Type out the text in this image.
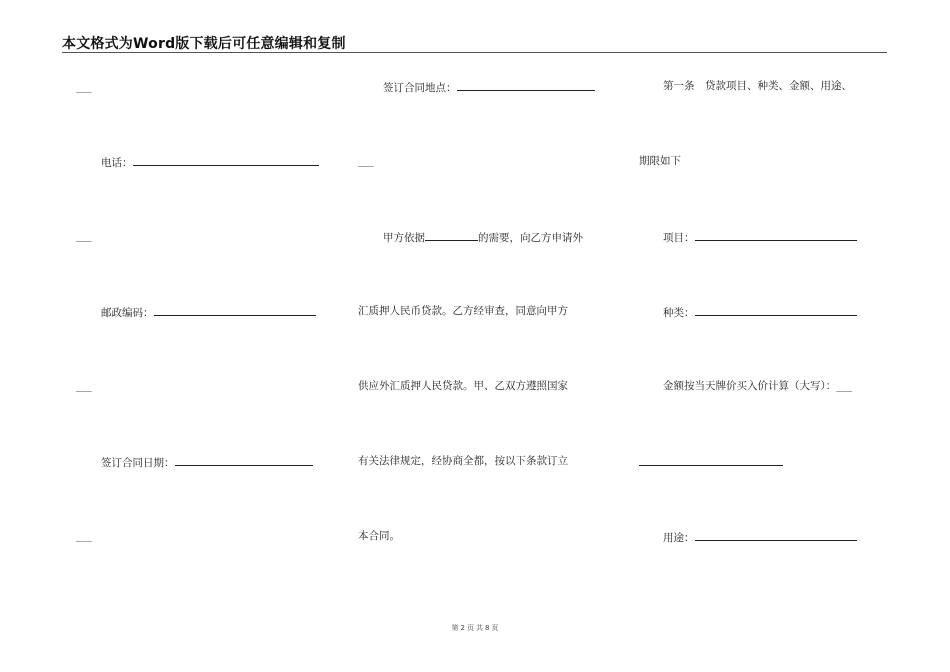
本文格式为Word版下载后可任意编辑和复制
___
电话：
___
邮政编码：
___
签订合同日期：
___
签订合同地点：
___
甲方依据	的需要，向乙方申请外
汇质押人民币贷款。乙方经审查，同意向甲方
供应外汇质押人民贷款。甲、乙双方遵照国家
有关法律规定，经协商全都，按以下条款订立
本合同。
第一条　贷款项目、种类、金额、用途、
期限如下
项目：
种类：
金额按当天牌价买入价计算（大写）：___
用途：
第 2 页 共 8 页
